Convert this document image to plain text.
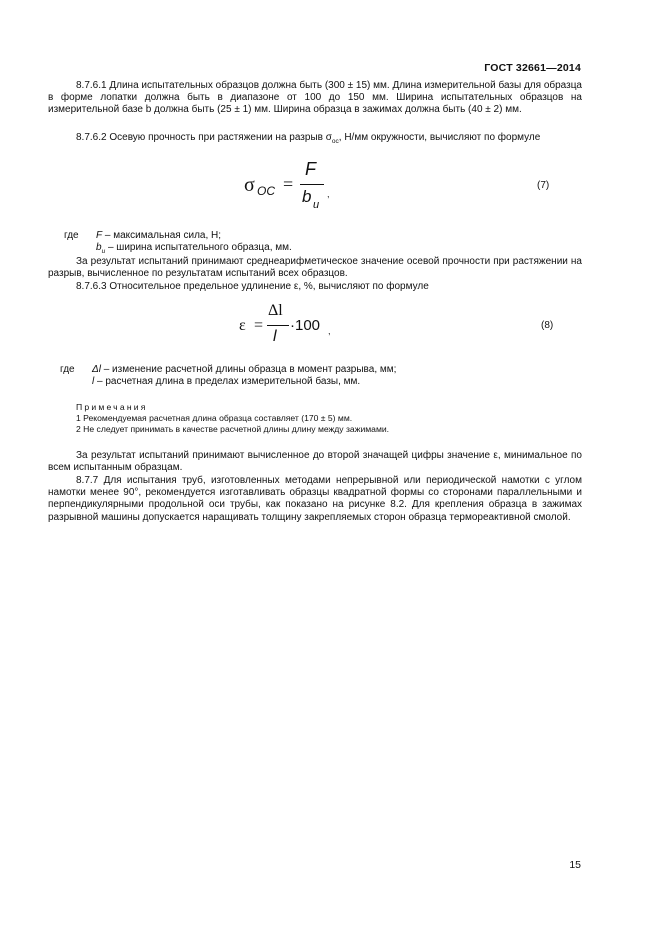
ГОСТ 32661—2014
8.7.6.1 Длина испытательных образцов должна быть (300 ± 15) мм. Длина измерительной базы для образца в форме лопатки должна быть в диапазоне от 100 до 150 мм. Ширина испытательных образцов на измерительной базе b должна быть (25 ± 1) мм. Ширина образца в зажимах должна быть (40 ± 2) мм.
8.7.6.2 Осевую прочность при растяжении на разрыв $\sigma_{ос}$, Н/мм окружности, вычисляют по формуле
σ ОС =
F
b и
,
(7)
где F – максимальная сила, Н;
$b_и$ – ширина испытательного образца, мм.
За результат испытаний принимают среднеарифметическое значение осевой прочности при растяжении на разрыв, вычисленное по результатам испытаний всех образцов.
8.7.6.3 Относительное предельное удлинение ε, %, вычисляют по формуле
ε =
Δl
l
·100 ,	(8)
где Δl – изменение расчетной длины образца в момент разрыва, мм;
l – расчетная длина в пределах измерительной базы, мм.
Примечания
1 Рекомендуемая расчетная длина образца составляет (170 ± 5) мм.
2 Не следует принимать в качестве расчетной длины длину между зажимами.
За результат испытаний принимают вычисленное до второй значащей цифры значение ε, минимальное по всем испытанным образцам.
8.7.7 Для испытания труб, изготовленных методами непрерывной или периодической намотки с углом намотки менее 90°, рекомендуется изготавливать образцы квадратной формы со сторонами параллельными и перпендикулярными продольной оси трубы, как показано на рисунке 8.2. Для крепления образца в зажимах разрывной машины допускается наращивать толщину закрепляемых сторон образца термореактивной смолой.
15
